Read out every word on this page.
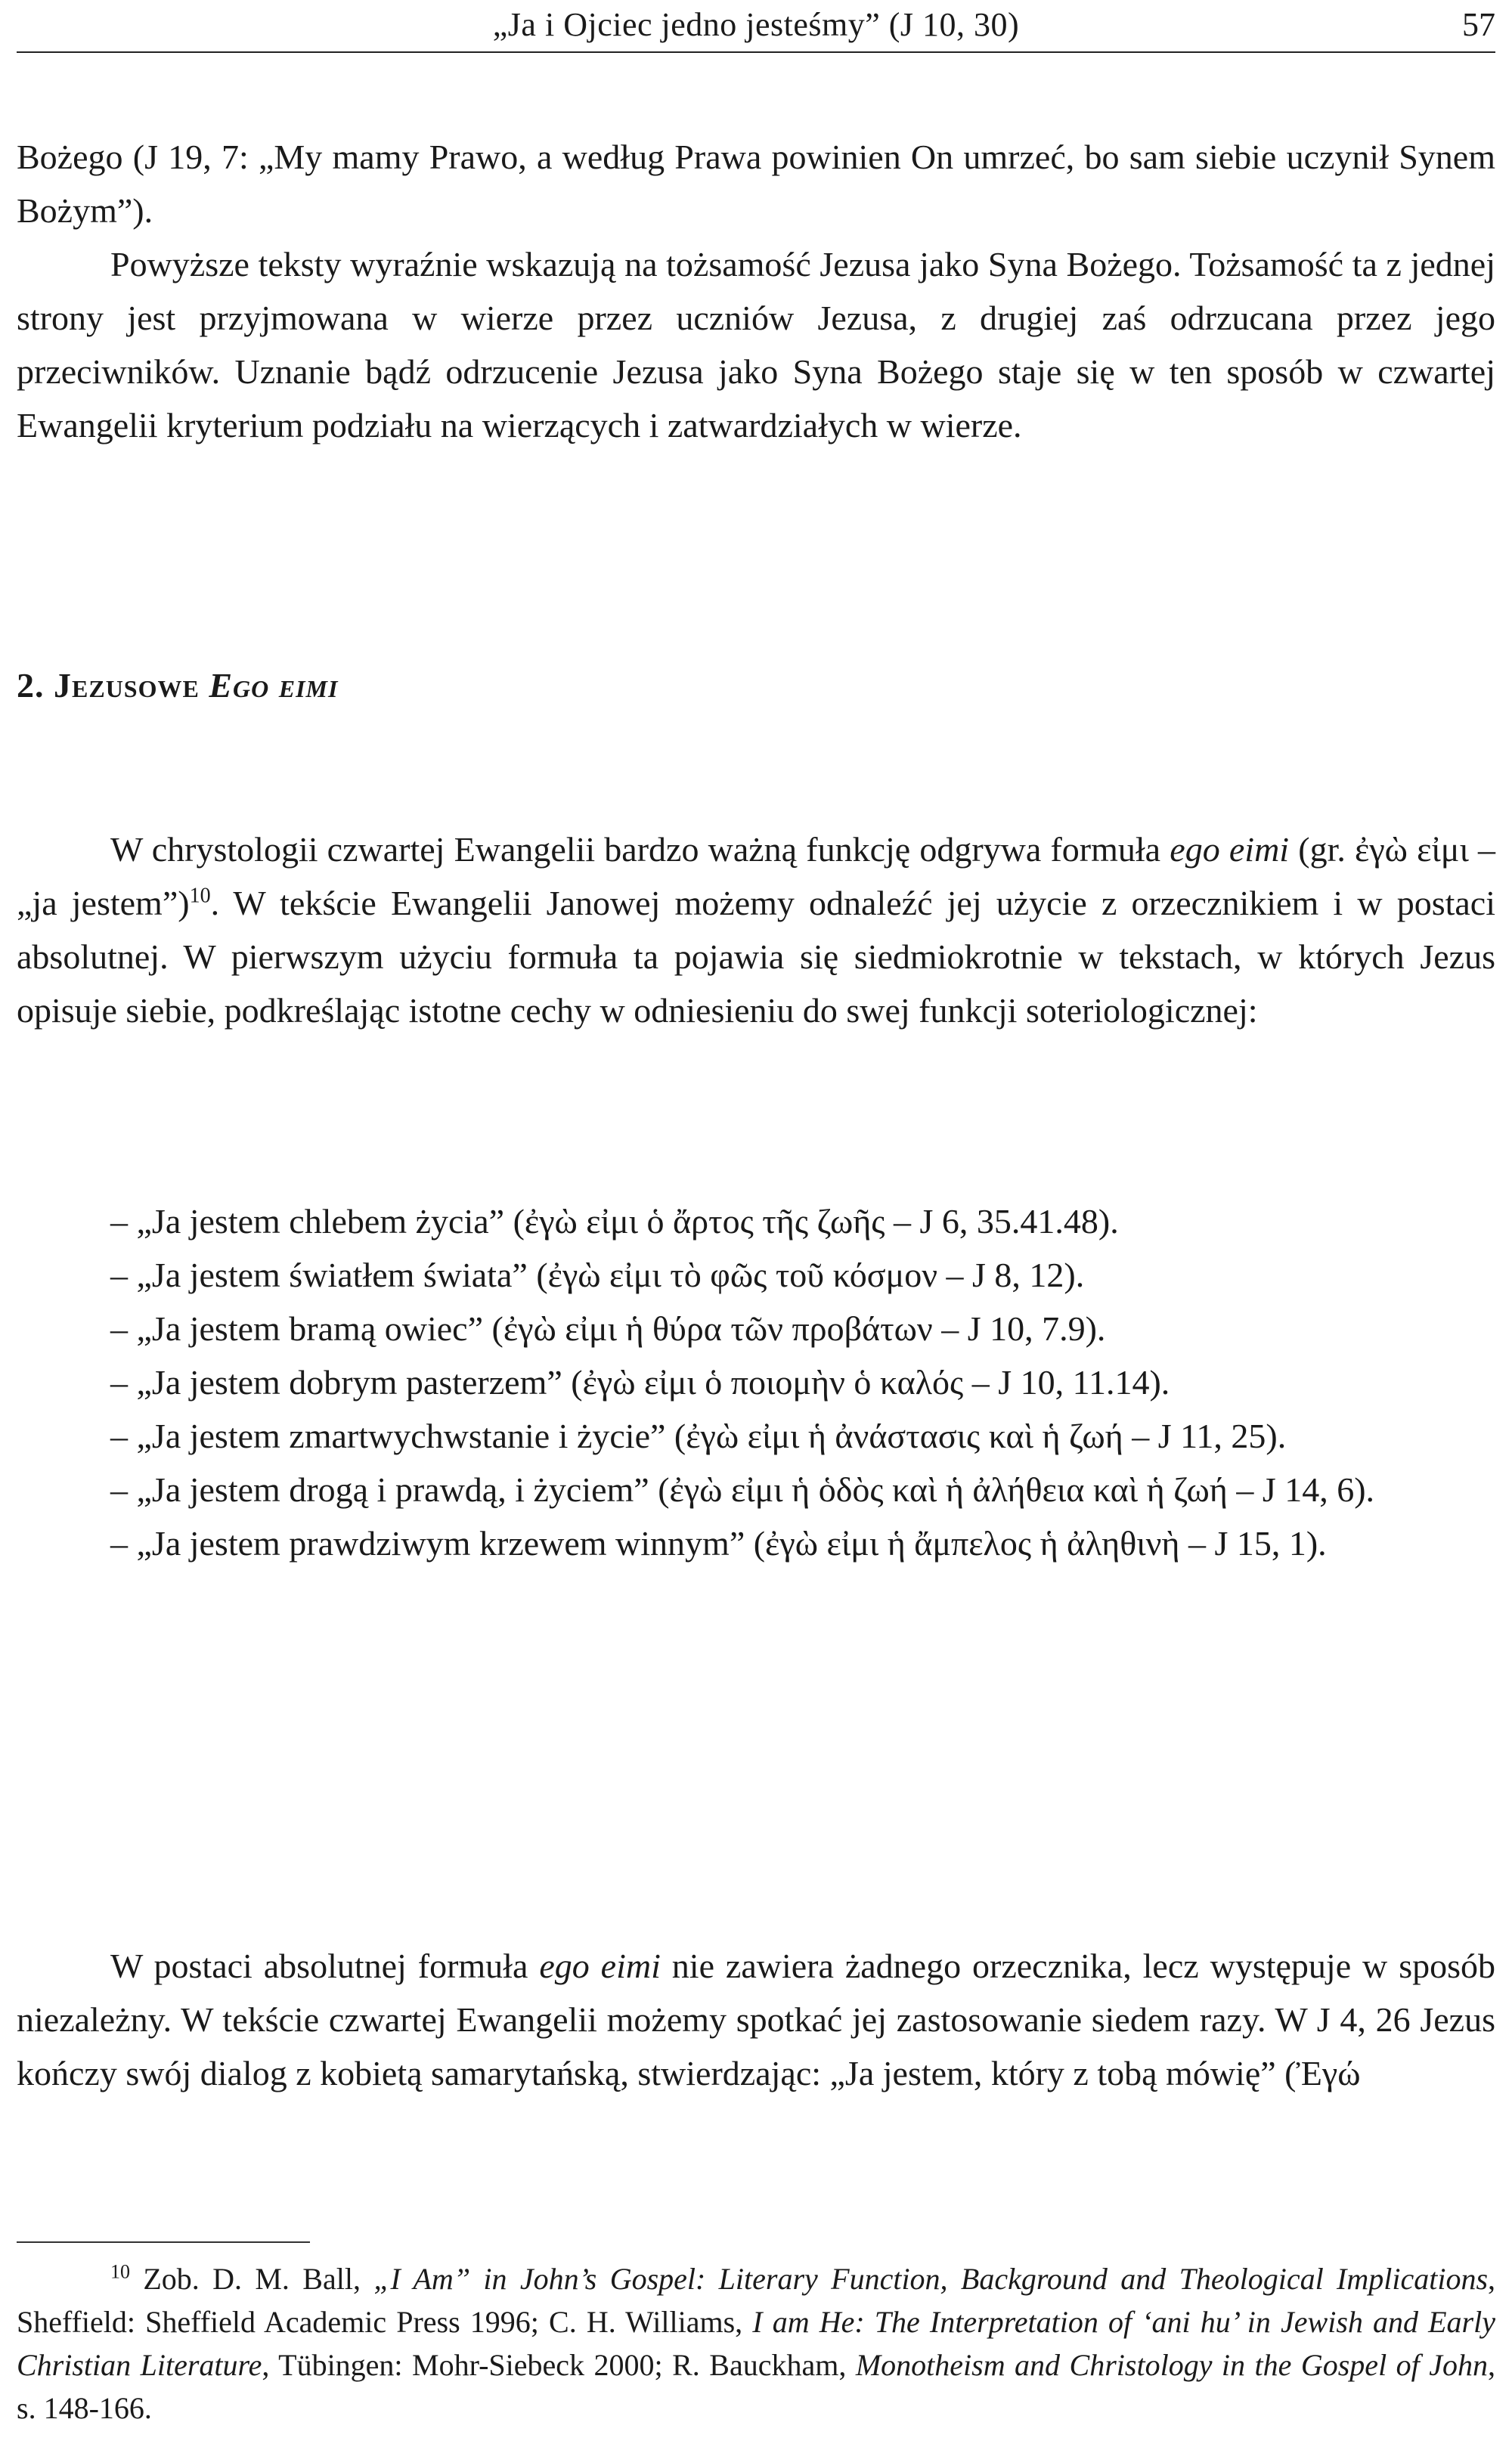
„Ja i Ojciec jedno jesteśmy” (J 10, 30)	57

Bożego (J 19, 7: „My mamy Prawo, a według Prawa powinien On umrzeć, bo sam siebie uczynił Synem Bożym”).

Powyższe teksty wyraźnie wskazują na tożsamość Jezusa jako Syna Bożego. Tożsamość ta z jednej strony jest przyjmowana w wierze przez uczniów Jezusa, z drugiej zaś odrzucana przez jego przeciwników. Uznanie bądź odrzucenie Jezusa jako Syna Bożego staje się w ten sposób w czwartej Ewangelii kryterium podziału na wierzących i zatwardziałych w wierze.

2. Jezusowe Ego eimi

W chrystologii czwartej Ewangelii bardzo ważną funkcję odgrywa formuła ego eimi (gr. ἐγὼ εἰμι – „ja jestem”)$^{10}$. W tekście Ewangelii Janowej możemy odnaleźć jej użycie z orzecznikiem i w postaci absolutnej. W pierwszym użyciu formuła ta pojawia się siedmiokrotnie w tekstach, w których Jezus opisuje siebie, podkreślając istotne cechy w odniesieniu do swej funkcji soteriologicznej:

– „Ja jestem chlebem życia” (ἐγὼ εἰμι ὁ ἄρτος τῆς ζωῆς – J 6, 35.41.48).

– „Ja jestem światłem świata” (ἐγὼ εἰμι τὸ φῶς τοῦ κόσμον – J 8, 12).

– „Ja jestem bramą owiec” (ἐγὼ εἰμι ἡ θύρα τῶν προβάτων – J 10, 7.9).

– „Ja jestem dobrym pasterzem” (ἐγὼ εἰμι ὁ ποιομὴν ὁ καλός – J 10, 11.14).

– „Ja jestem zmartwychwstanie i życie” (ἐγὼ εἰμι ἡ ἀνάστασις καὶ ἡ ζωή – J 11, 25).

– „Ja jestem drogą i prawdą, i życiem” (ἐγὼ εἰμι ἡ ὁδὸς καὶ ἡ ἀλήθεια καὶ ἡ ζωή – J 14, 6).

– „Ja jestem prawdziwym krzewem winnym” (ἐγὼ εἰμι ἡ ἄμπελος ἡ ἀληθινὴ – J 15, 1).

W postaci absolutnej formuła ego eimi nie zawiera żadnego orzecznika, lecz występuje w sposób niezależny. W tekście czwartej Ewangelii możemy spotkać jej zastosowanie siedem razy. W J 4, 26 Jezus kończy swój dialog z kobietą samarytańską, stwierdzając: „Ja jestem, który z tobą mówię” (Ἐγώ

$^{10}$ Zob. D. M. Ball, „I Am” in John’s Gospel: Literary Function, Background and Theological Implications, Sheffield: Sheffield Academic Press 1996; C. H. Williams, I am He: The Interpretation of ‘ani hu’ in Jewish and Early Christian Literature, Tübingen: Mohr-Siebeck 2000; R. Bauckham, Monotheism and Christology in the Gospel of John, s. 148-166.
